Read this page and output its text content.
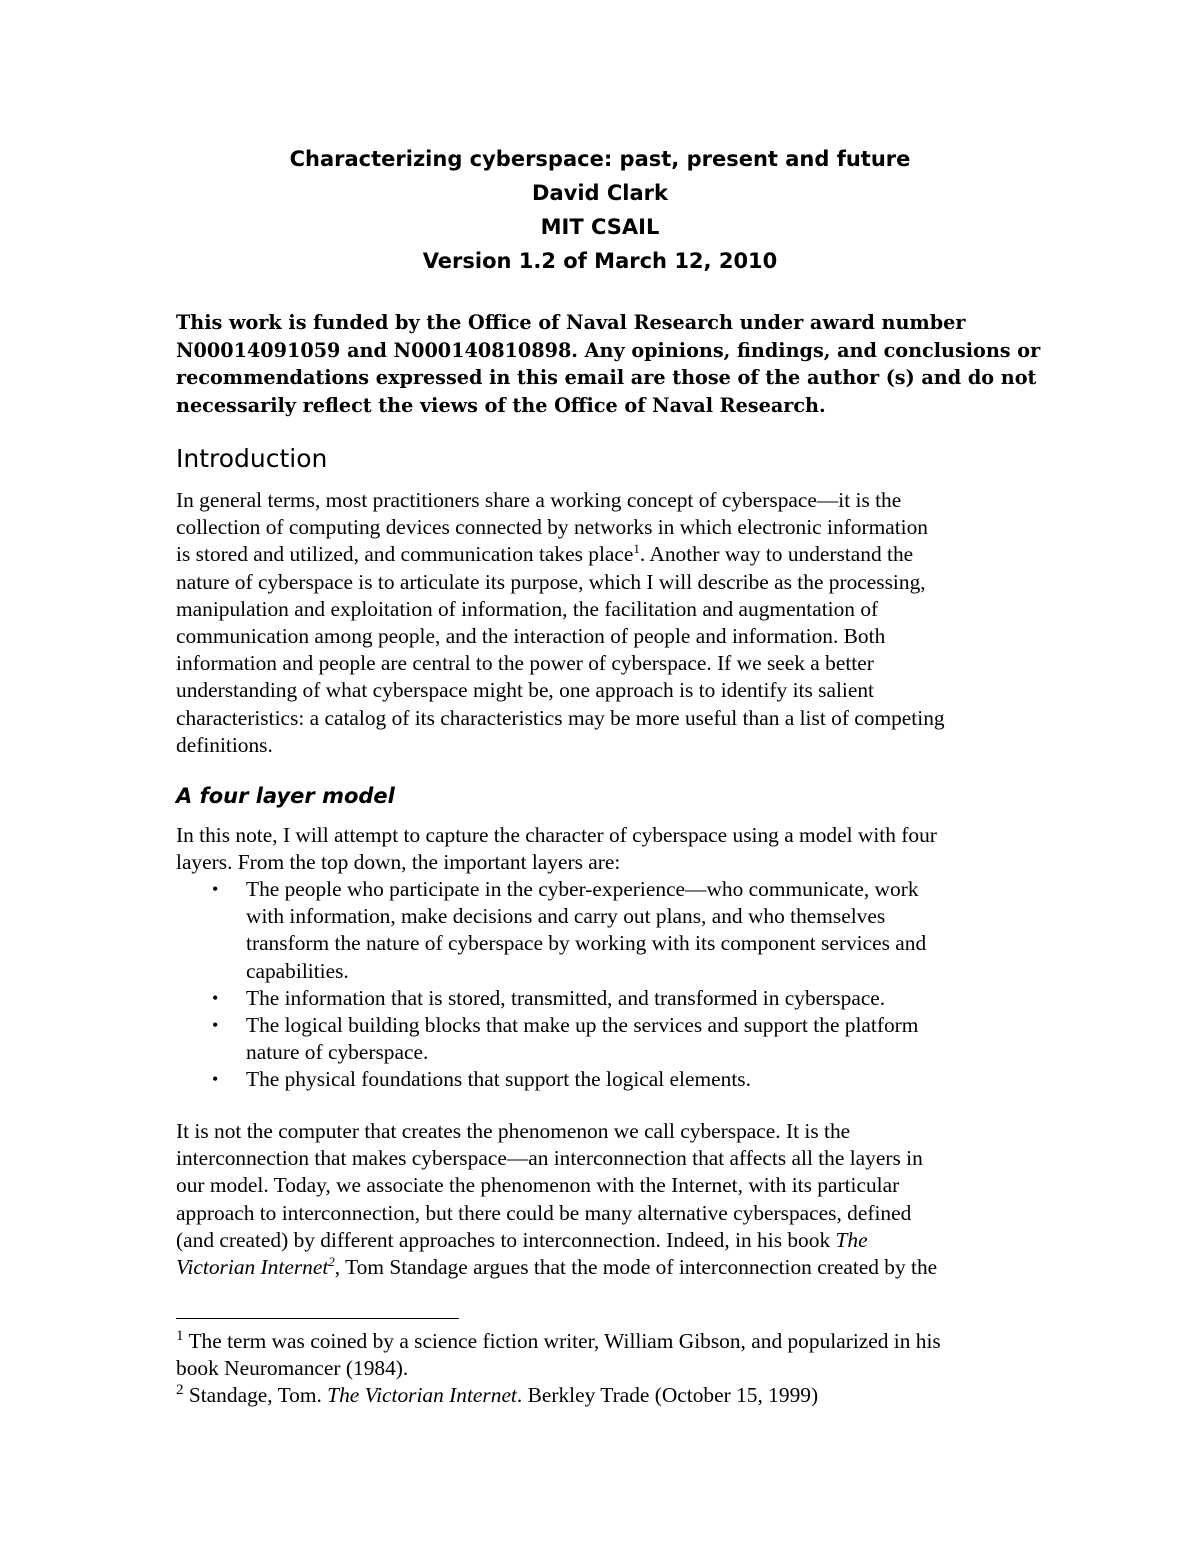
Characterizing cyberspace: past, present and future
David Clark
MIT CSAIL
Version 1.2 of March 12, 2010
This work is funded by the Office of Naval Research under award number
N00014091059 and N000140810898. Any opinions, findings, and conclusions or
recommendations expressed in this email are those of the author (s) and do not
necessarily reflect the views of the Office of Naval Research.
Introduction
In general terms, most practitioners share a working concept of cyberspace—it is the
collection of computing devices connected by networks in which electronic information
is stored and utilized, and communication takes place$^1$. Another way to understand the
nature of cyberspace is to articulate its purpose, which I will describe as the processing,
manipulation and exploitation of information, the facilitation and augmentation of
communication among people, and the interaction of people and information. Both
information and people are central to the power of cyberspace. If we seek a better
understanding of what cyberspace might be, one approach is to identify its salient
characteristics: a catalog of its characteristics may be more useful than a list of competing
definitions.
A four layer model
In this note, I will attempt to capture the character of cyberspace using a model with four
layers. From the top down, the important layers are:
• The people who participate in the cyber-experience—who communicate, work
with information, make decisions and carry out plans, and who themselves
transform the nature of cyberspace by working with its component services and
capabilities.
• The information that is stored, transmitted, and transformed in cyberspace.
• The logical building blocks that make up the services and support the platform
nature of cyberspace.
• The physical foundations that support the logical elements.
It is not the computer that creates the phenomenon we call cyberspace. It is the
interconnection that makes cyberspace—an interconnection that affects all the layers in
our model. Today, we associate the phenomenon with the Internet, with its particular
approach to interconnection, but there could be many alternative cyberspaces, defined
(and created) by different approaches to interconnection. Indeed, in his book The
Victorian Internet$^2$, Tom Standage argues that the mode of interconnection created by the
$^1$ The term was coined by a science fiction writer, William Gibson, and popularized in his
book Neuromancer (1984).
$^2$ Standage, Tom. The Victorian Internet. Berkley Trade (October 15, 1999)
